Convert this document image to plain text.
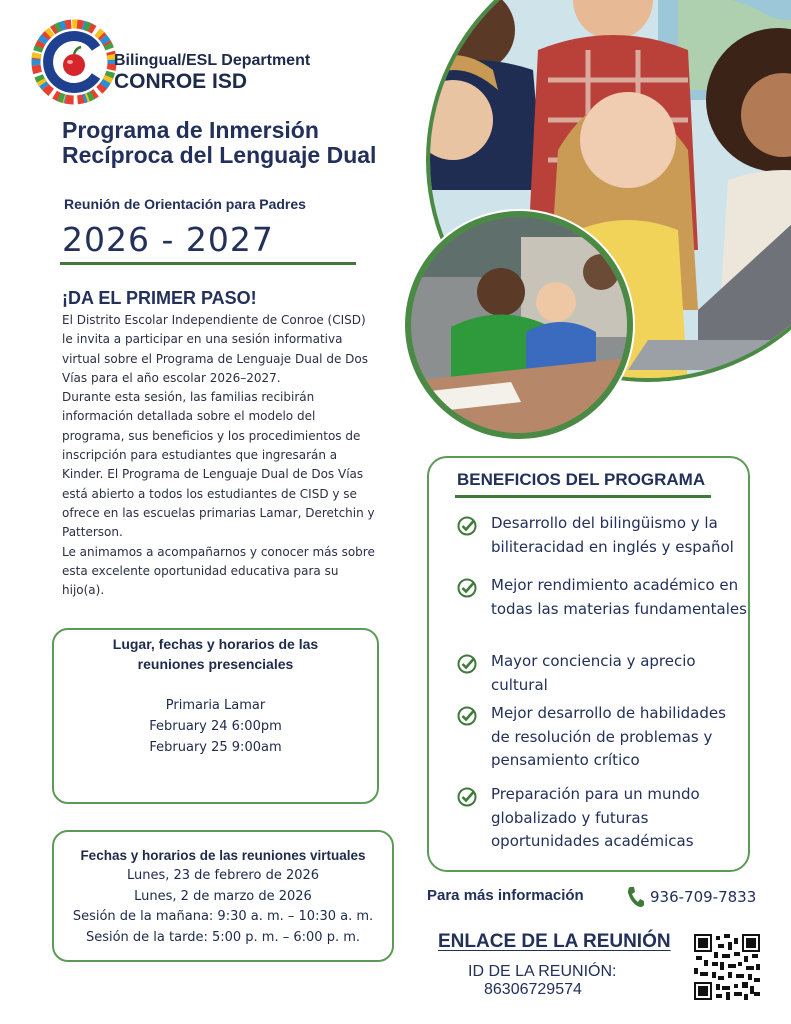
Bilingual/ESL Department
CONROE ISD
Programa de Inmersión Recíproca del Lenguaje Dual
Reunión de Orientación para Padres
2026 - 2027
¡DA EL PRIMER PASO!

El Distrito Escolar Independiente de Conroe (CISD) le invita a participar en una sesión informativa virtual sobre el Programa de Lenguaje Dual de Dos Vías para el año escolar 2026–2027.

Durante esta sesión, las familias recibirán información detallada sobre el modelo del programa, sus beneficios y los procedimientos de inscripción para estudiantes que ingresarán a Kinder. El Programa de Lenguaje Dual de Dos Vías está abierto a todos los estudiantes de CISD y se ofrece en las escuelas primarias Lamar, Deretchin y Patterson.

Le animamos a acompañarnos y conocer más sobre esta excelente oportunidad educativa para su hijo(a).

Lugar, fechas y horarios de las reuniones presenciales
Primaria Lamar
February 24 6:00pm
February 25 9:00am
Fechas y horarios de las reuniones virtuales
Lunes, 23 de febrero de 2026
Lunes, 2 de marzo de 2026
Sesión de la mañana: 9:30 a. m. – 10:30 a. m.
Sesión de la tarde: 5:00 p. m. – 6:00 p. m.
BENEFICIOS DEL PROGRAMA
Desarrollo del bilingüismo y la biliteracidad en inglés y español
Mejor rendimiento académico en todas las materias fundamentales
Mayor conciencia y aprecio cultural
Mejor desarrollo de habilidades de resolución de problemas y pensamiento crítico
Preparación para un mundo globalizado y futuras oportunidades académicas
Para más información	936-709-7833
ENLACE DE LA REUNIÓN
ID DE LA REUNIÓN:
86306729574
